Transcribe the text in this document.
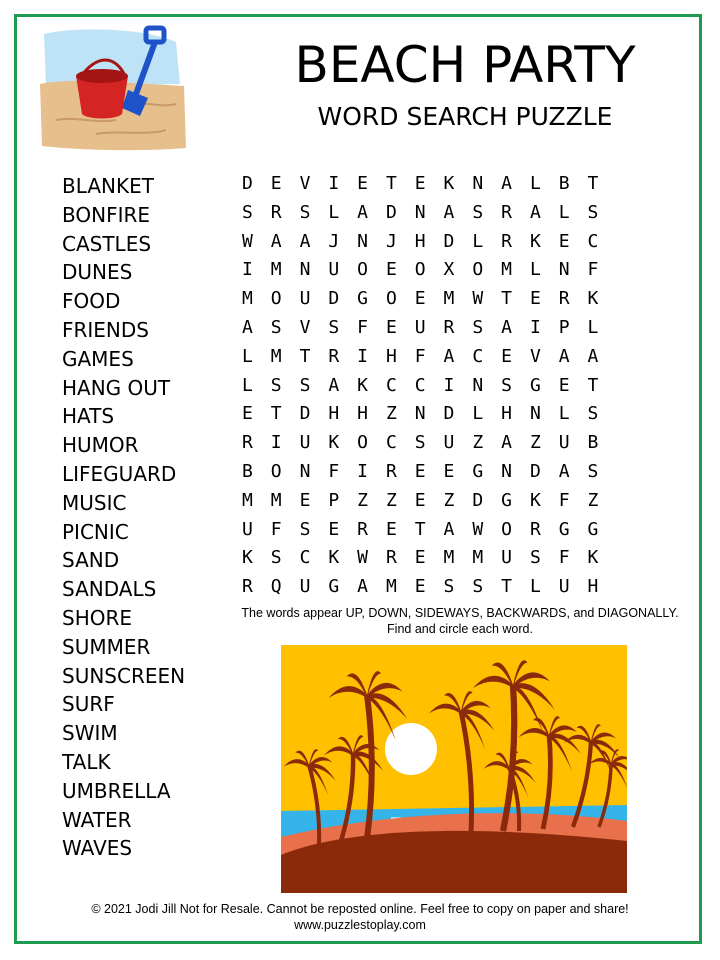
BEACH PARTY
WORD SEARCH PUZZLE
BLANKET
BONFIRE
CASTLES
DUNES
FOOD
FRIENDS
GAMES
HANG OUT
HATS
HUMOR
LIFEGUARD
MUSIC
PICNIC
SAND
SANDALS
SHORE
SUMMER
SUNSCREEN
SURF
SWIM
TALK
UMBRELLA
WATER
WAVES
D E V I E T E K N A L B T
S R S L A D N A S R A L S
W A A J N J H D L R K E C
I M N U O E O X O M L N F
M O U D G O E M W T E R K
A S V S F E U R S A I P L
L M T R I H F A C E V A A
L S S A K C C I N S G E T
E T D H H Z N D L H N L S
R I U K O C S U Z A Z U B
B O N F I R E E G N D A S
M M E P Z Z E Z D G K F Z
U F S E R E T A W O R G G
K S C K W R E M M U S F K
R Q U G A M E S S T L U H
The words appear UP, DOWN, SIDEWAYS, BACKWARDS, and DIAGONALLY.
Find and circle each word.
© 2021 Jodi Jill Not for Resale. Cannot be reposted online. Feel free to copy on paper and share!
www.puzzlestoplay.com
